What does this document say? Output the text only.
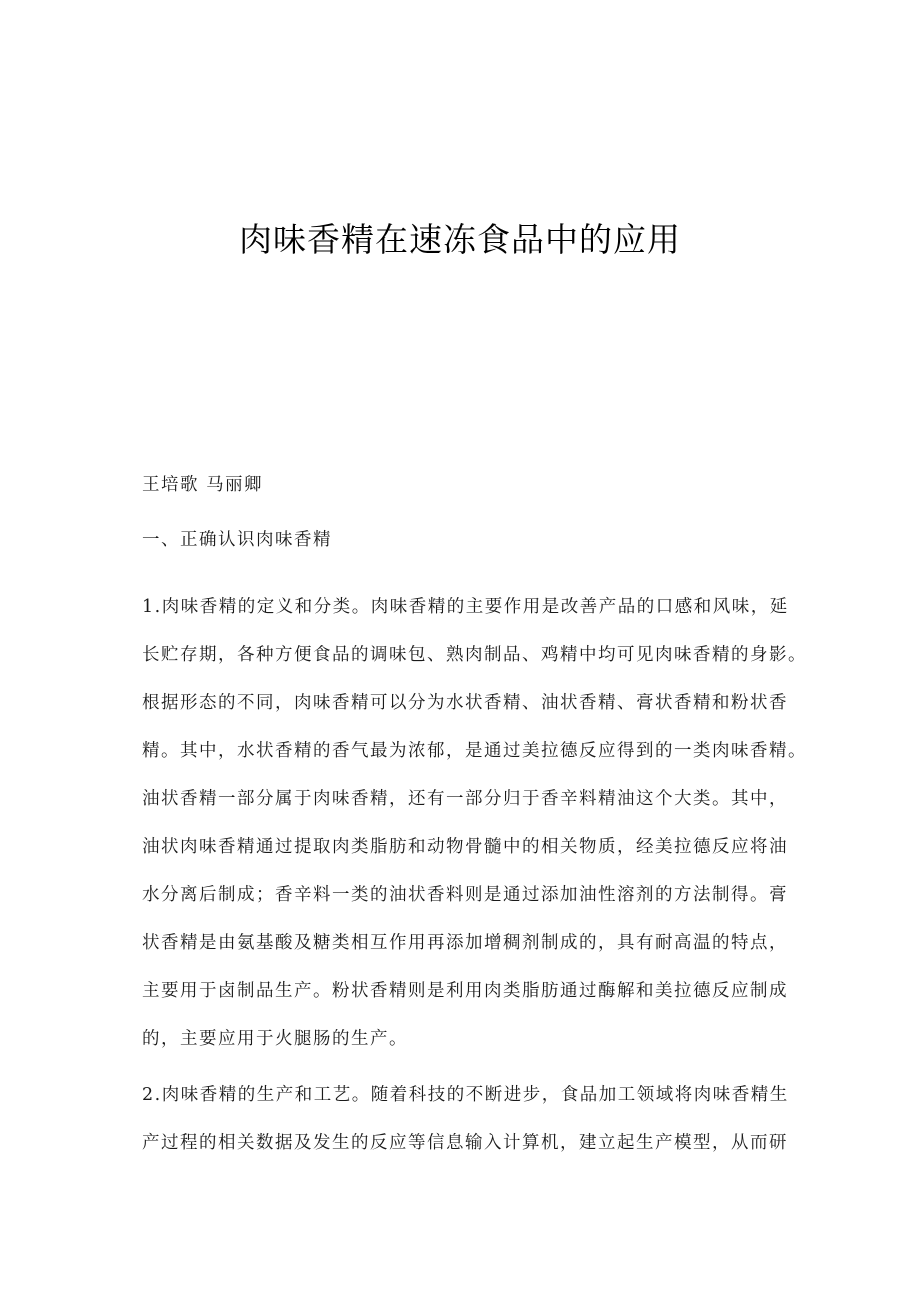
肉味香精在速冻食品中的应用
王培歌 马丽卿
一、正确认识肉味香精
1.肉味香精的定义和分类。肉味香精的主要作用是改善产品的口感和风味，延
长贮存期，各种方便食品的调味包、熟肉制品、鸡精中均可见肉味香精的身影。
根据形态的不同，肉味香精可以分为水状香精、油状香精、膏状香精和粉状香
精。其中，水状香精的香气最为浓郁，是通过美拉德反应得到的一类肉味香精。
油状香精一部分属于肉味香精，还有一部分归于香辛料精油这个大类。其中，
油状肉味香精通过提取肉类脂肪和动物骨髓中的相关物质，经美拉德反应将油
水分离后制成；香辛料一类的油状香料则是通过添加油性溶剂的方法制得。膏
状香精是由氨基酸及糖类相互作用再添加增稠剂制成的，具有耐高温的特点，
主要用于卤制品生产。粉状香精则是利用肉类脂肪通过酶解和美拉德反应制成
的，主要应用于火腿肠的生产。
2.肉味香精的生产和工艺。随着科技的不断进步，食品加工领域将肉味香精生
产过程的相关数据及发生的反应等信息输入计算机，建立起生产模型，从而研
